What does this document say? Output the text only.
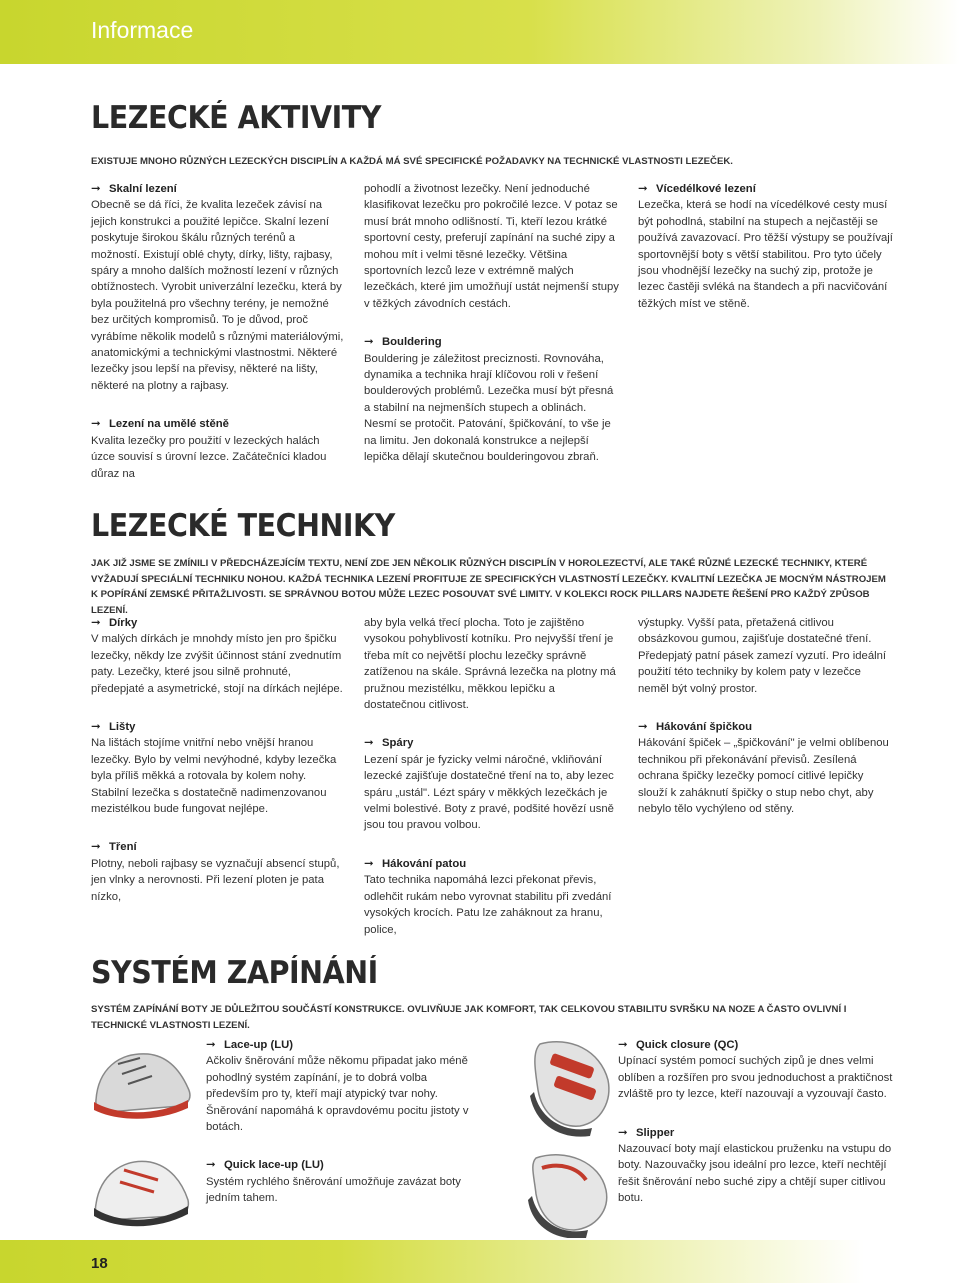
Informace
LEZECKÉ AKTIVITY

EXISTUJE MNOHO RŮZNÝCH LEZECKÝCH DISCIPLÍN A KAŽDÁ MÁ SVÉ SPECIFICKÉ POŽADAVKY NA TECHNICKÉ VLASTNOSTI LEZEČEK.

➞ Skalní lezení

Obecně se dá říci, že kvalita lezeček závisí na jejich konstrukci a použité lepičce. Skalní lezení poskytuje širokou škálu různých terénů a možností. Existují oblé chyty, dírky, lišty, rajbasy, spáry a mnoho dalších možností lezení v různých obtížnostech. Vyrobit univerzální lezečku, která by byla použitelná pro všechny terény, je nemožné bez určitých kompromisů. To je důvod, proč vyrábíme několik modelů s různými materiálovými, anatomickými a technickými vlastnostmi. Některé lezečky jsou lepší na převisy, některé na lišty, některé na plotny a rajbasy.

➞ Lezení na umělé stěně

Kvalita lezečky pro použití v lezeckých halách úzce souvisí s úrovní lezce. Začátečníci kladou důraz na

pohodlí a životnost lezečky. Není jednoduché klasifikovat lezečku pro pokročilé lezce. V potaz se musí brát mnoho odlišností. Ti, kteří lezou krátké sportovní cesty, preferují zapínání na suché zipy a mohou mít i velmi těsné lezečky. Většina sportovních lezců leze v extrémně malých lezečkách, které jim umožňují ustát nejmenší stupy v těžkých závodních cestách.

➞ Bouldering

Bouldering je záležitost preciznosti. Rovnováha, dynamika a technika hrají klíčovou roli v řešení boulderových problémů. Lezečka musí být přesná a stabilní na nejmenších stupech a oblinách. Nesmí se protočit. Patování, špičkování, to vše je na limitu. Jen dokonalá konstrukce a nejlepší lepička dělají skutečnou boulderingovou zbraň.

➞ Vícedélkové lezení

Lezečka, která se hodí na vícedélkové cesty musí být pohodlná, stabilní na stupech a nejčastěji se používá zavazovací. Pro těžší výstupy se používají sportovnější boty s větší stabilitou. Pro tyto účely jsou vhodnější lezečky na suchý zip, protože je lezec častěji svléká na štandech a při nacvičování těžkých míst ve stěně.

LEZECKÉ TECHNIKY

JAK JIŽ JSME SE ZMÍNILI V PŘEDCHÁZEJÍCÍM TEXTU, NENÍ ZDE JEN NĚKOLIK RŮZNÝCH DISCIPLÍN V HOROLEZECTVÍ, ALE TAKÉ RŮZNÉ LEZECKÉ TECHNIKY, KTERÉ VYŽADUJÍ SPECIÁLNÍ TECHNIKU NOHOU. KAŽDÁ TECHNIKA LEZENÍ PROFITUJE ZE SPECIFICKÝCH VLASTNOSTÍ LEZEČKY. KVALITNÍ LEZEČKA JE MOCNÝM NÁSTROJEM K POPÍRÁNÍ ZEMSKÉ PŘITAŽLIVOSTI. SE SPRÁVNOU BOTOU MŮŽE LEZEC POSOUVAT SVÉ LIMITY. V KOLEKCI ROCK PILLARS NAJDETE ŘEŠENÍ PRO KAŽDÝ ZPŮSOB LEZENÍ.

➞ Dírky

V malých dírkách je mnohdy místo jen pro špičku lezečky, někdy lze zvýšit účinnost stání zvednutím paty. Lezečky, které jsou silně prohnuté, předepjaté a asymetrické, stojí na dírkách nejlépe.

➞ Lišty

Na lištách stojíme vnitřní nebo vnější hranou lezečky. Bylo by velmi nevýhodné, kdyby lezečka byla příliš měkká a rotovala by kolem nohy. Stabilní lezečka s dostatečně nadimenzovanou mezistélkou bude fungovat nejlépe.

➞ Tření

Plotny, neboli rajbasy se vyznačují absencí stupů, jen vlnky a nerovnosti. Při lezení ploten je pata nízko,

aby byla velká třecí plocha. Toto je zajištěno vysokou pohyblivostí kotníku. Pro nejvyšší tření je třeba mít co největší plochu lezečky správně zatíženou na skále. Správná lezečka na plotny má pružnou mezistélku, měkkou lepičku a dostatečnou citlivost.

➞ Spáry

Lezení spár je fyzicky velmi náročné, vkliňování lezecké zajišťuje dostatečné tření na to, aby lezec spáru „ustál". Lézt spáry v měkkých lezečkách je velmi bolestivé. Boty z pravé, podšité hovězí usně jsou tou pravou volbou.

➞ Hákování patou

Tato technika napomáhá lezci překonat převis, odlehčit rukám nebo vyrovnat stabilitu při zvedání vysokých krocích. Patu lze zaháknout za hranu, police,

výstupky. Vyšší pata, přetažená citlivou obsázkovou gumou, zajišťuje dostatečné tření. Předepjatý patní pásek zamezí vyzutí. Pro ideální použití této techniky by kolem paty v lezečce neměl být volný prostor.

➞ Hákování špičkou

Hákování špiček – „špičkování" je velmi oblíbenou technikou při překonávání převisů. Zesílená ochrana špičky lezečky pomocí citlivé lepičky slouží k zaháknutí špičky o stup nebo chyt, aby nebylo tělo vychýleno od stěny.

SYSTÉM ZAPÍNÁNÍ

SYSTÉM ZAPÍNÁNÍ BOTY JE DŮLEŽITOU SOUČÁSTÍ KONSTRUKCE. OVLIVŇUJE JAK KOMFORT, TAK CELKOVOU STABILITU SVRŠKU NA NOZE A ČASTO OVLIVNÍ I TECHNICKÉ VLASTNOSTI LEZENÍ.

➞ Lace-up (LU)

Ačkoliv šněrování může někomu připadat jako méně pohodlný systém zapínání, je to dobrá volba především pro ty, kteří mají atypický tvar nohy. Šněrování napomáhá k opravdovému pocitu jistoty v botách.

➞ Quick lace-up (LU)

Systém rychlého šněrování umožňuje zavázat boty jedním tahem.

➞ Quick closure (QC)

Upínací systém pomocí suchých zipů je dnes velmi oblíben a rozšířen pro svou jednoduchost a praktičnost zvláště pro ty lezce, kteří nazouvají a vyzouvají často.

➞ Slipper

Nazouvací boty mají elastickou pruženku na vstupu do boty. Nazouvačky jsou ideální pro lezce, kteří nechtějí řešit šněrování nebo suché zipy a chtějí super citlivou botu.

18
